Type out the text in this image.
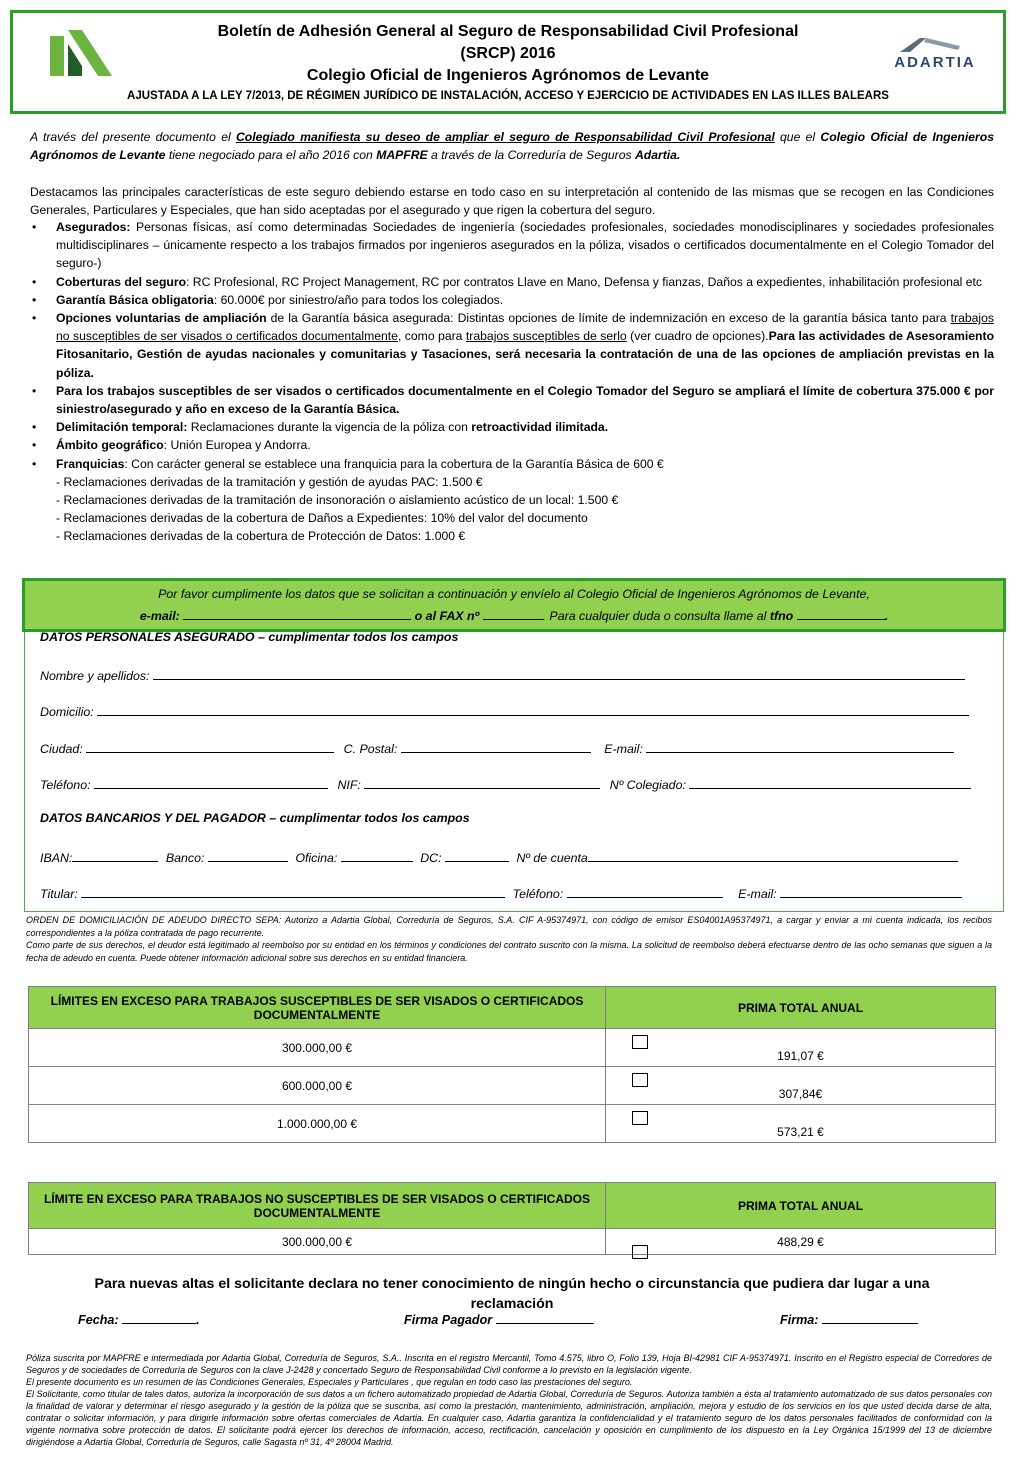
Boletín de Adhesión General al Seguro de Responsabilidad Civil Profesional
(SRCP) 2016
Colegio Oficial de Ingenieros Agrónomos de Levante
AJUSTADA A LA LEY 7/2013, DE RÉGIMEN JURÍDICO DE INSTALACIÓN, ACCESO Y EJERCICIO DE ACTIVIDADES EN LAS ILLES BALEARS
ADARTIA
A través del presente documento el Colegiado manifiesta su deseo de ampliar el seguro de Responsabilidad Civil Profesional que el Colegio Oficial de Ingenieros Agrónomos de Levante tiene negociado para el año 2016 con MAPFRE a través de la Correduría de Seguros Adartia.
Destacamos las principales características de este seguro debiendo estarse en todo caso en su interpretación al contenido de las mismas que se recogen en las Condiciones Generales, Particulares y Especiales, que han sido aceptadas por el asegurado y que rigen la cobertura del seguro.
• Asegurados: Personas físicas, así como determinadas Sociedades de ingeniería (sociedades profesionales, sociedades monodisciplinares y sociedades profesionales multidisciplinares – únicamente respecto a los trabajos firmados por ingenieros asegurados en la póliza, visados o certificados documentalmente en el Colegio Tomador del seguro-)
• Coberturas del seguro: RC Profesional, RC Project Management, RC por contratos Llave en Mano, Defensa y fianzas, Daños a expedientes, inhabilitación profesional etc
• Garantía Básica obligatoria: 60.000€ por siniestro/año para todos los colegiados.
• Opciones voluntarias de ampliación de la Garantía básica asegurada: Distintas opciones de límite de indemnización en exceso de la garantía básica tanto para trabajos no susceptibles de ser visados o certificados documentalmente, como para trabajos susceptibles de serlo (ver cuadro de opciones).Para las actividades de Asesoramiento Fitosanitario, Gestión de ayudas nacionales y comunitarias y Tasaciones, será necesaria la contratación de una de las opciones de ampliación previstas en la póliza.
• Para los trabajos susceptibles de ser visados o certificados documentalmente en el Colegio Tomador del Seguro se ampliará el límite de cobertura 375.000 € por siniestro/asegurado y año en exceso de la Garantía Básica.
• Delimitación temporal: Reclamaciones durante la vigencia de la póliza con retroactividad ilimitada.
• Ámbito geográfico: Unión Europea y Andorra.
• Franquicias: Con carácter general se establece una franquicia para la cobertura de la Garantía Básica de 600 €
- Reclamaciones derivadas de la tramitación y gestión de ayudas PAC: 1.500 €
- Reclamaciones derivadas de la tramitación de insonoración o aislamiento acústico de un local: 1.500 €
- Reclamaciones derivadas de la cobertura de Daños a Expedientes: 10% del valor del documento
- Reclamaciones derivadas de la cobertura de Protección de Datos: 1.000 €
Por favor cumplimente los datos que se solicitan a continuación y envíelo al Colegio Oficial de Ingenieros Agrónomos de Levante,
e-mail:	o al FAX nº	. Para cualquier duda o consulta llame al tfno	.
DATOS PERSONALES ASEGURADO – cumplimentar todos los campos
Nombre y apellidos:
Domicilio:
Ciudad:	C. Postal:	E-mail:
Teléfono:	NIF:	Nº Colegiado:
DATOS BANCARIOS Y DEL PAGADOR – cumplimentar todos los campos
IBAN:	Banco:	Oficina:	DC:	Nº de cuenta
Titular:	Teléfono:	E-mail:
ORDEN DE DOMICILIACIÓN DE ADEUDO DIRECTO SEPA: Autorizo a Adartia Global, Correduría de Seguros, S.A. CIF A-95374971, con código de emisor ES04001A95374971, a cargar y enviar a mi cuenta indicada, los recibos correspondientes a la póliza contratada de pago recurrente.
Como parte de sus derechos, el deudor está legitimado al reembolso por su entidad en los términos y condiciones del contrato suscrito con la misma. La solicitud de reembolso deberá efectuarse dentro de las ocho semanas que siguen a la fecha de adeudo en cuenta. Puede obtener información adicional sobre sus derechos en su entidad financiera.
LÍMITES EN EXCESO PARA TRABAJOS SUSCEPTIBLES DE SER VISADOS O CERTIFICADOS DOCUMENTALMENTE	PRIMA TOTAL ANUAL
300.000,00 €	191,07 €
600.000,00 €	307,84€
1.000.000,00 €	573,21 €
LÍMITE EN EXCESO PARA TRABAJOS NO SUSCEPTIBLES DE SER VISADOS O CERTIFICADOS DOCUMENTALMENTE	PRIMA TOTAL ANUAL
300.000,00 €	488,29 €
Para nuevas altas el solicitante declara no tener conocimiento de ningún hecho o circunstancia que pudiera dar lugar a una reclamación
Fecha:	.	Firma Pagador	Firma:
Póliza suscrita por MAPFRE e intermediada por Adartia Global, Correduría de Seguros, S.A.. Inscrita en el registro Mercantil, Tomo 4.575, libro O, Folio 139, Hoja BI-42981 CIF A-95374971. Inscrito en el Registro especial de Corredores de Seguros y de sociedades de Correduría de Seguros con la clave J-2428 y concertado Seguro de Responsabilidad Civil conforme a lo previsto en la legislación vigente.
El presente documento es un resumen de las Condiciones Generales, Especiales y Particulares , que regulan en todo caso las prestaciones del seguro.
El Solicitante, como titular de tales datos, autoriza la incorporación de sus datos a un fichero automatizado propiedad de Adartia Global, Correduría de Seguros. Autoriza también a ésta al tratamiento automatizado de sus datos personales con la finalidad de valorar y determinar el riesgo asegurado y la gestión de la póliza que se suscriba, así como la prestación, mantenimiento, administración, ampliación, mejora y estudio de los servicios en los que usted decida darse de alta, contratar o solicitar información, y para dirigirle información sobre ofertas comerciales de Adartia. En cualquier caso, Adartia garantiza la confidencialidad y el tratamiento seguro de los datos personales facilitados de conformidad con la vigente normativa sobre protección de datos. El solicitante podrá ejercer los derechos de información, acceso, rectificación, cancelación y oposición en cumplimiento de los dispuesto en la Ley Orgánica 15/1999 del 13 de diciembre dirigiéndose a Adartia Global, Correduría de Seguros, calle Sagasta nº 31, 4º 28004 Madrid.
